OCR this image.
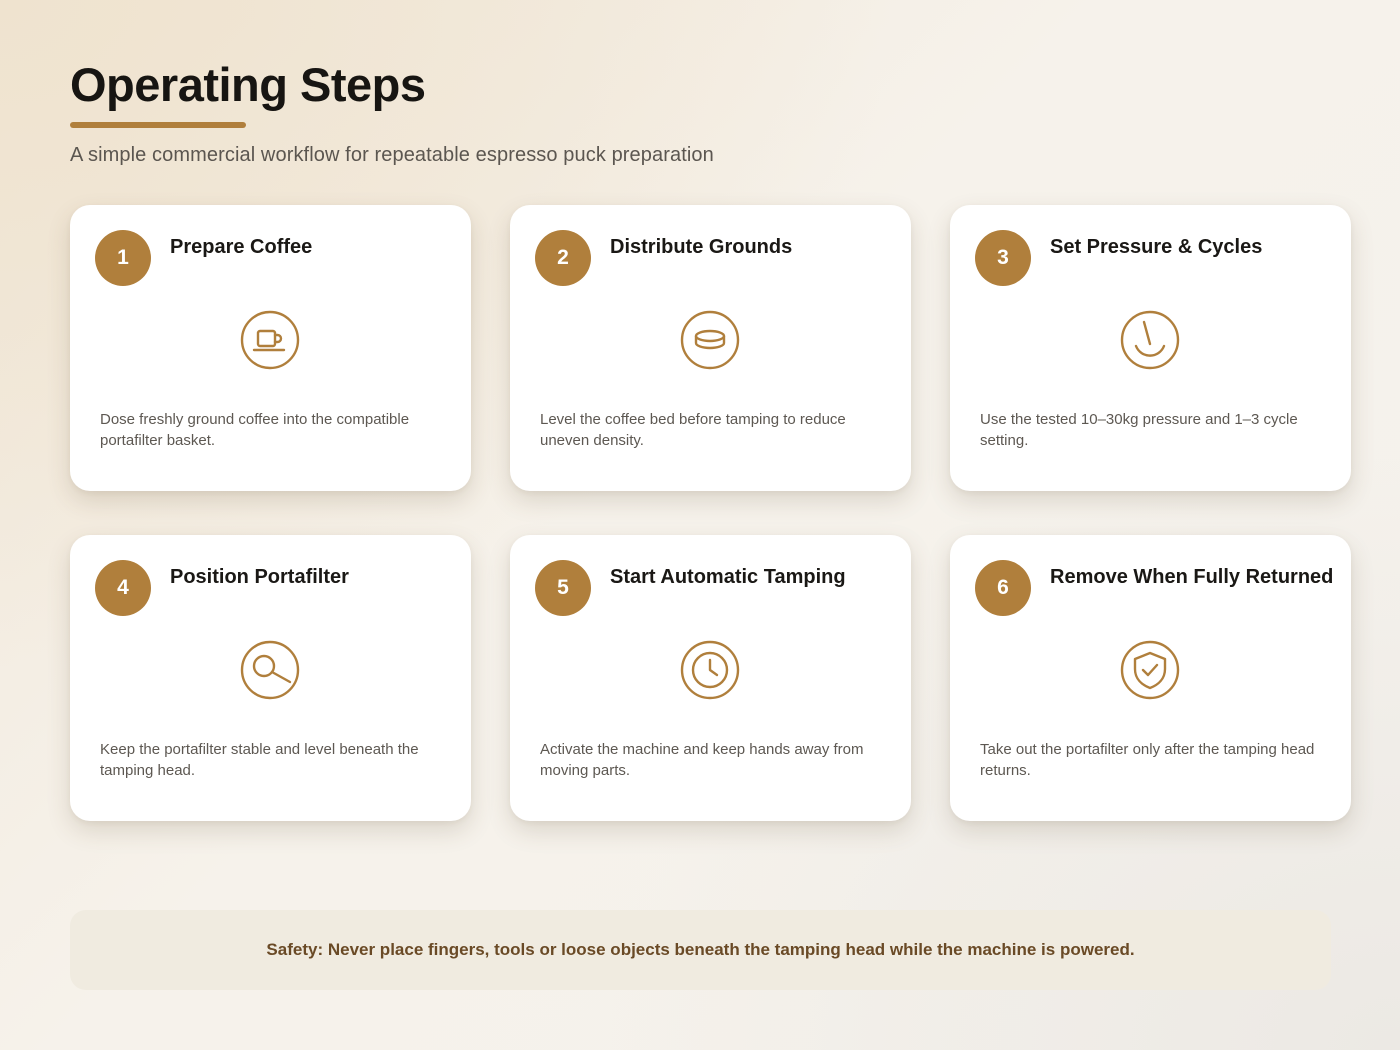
Operating Steps
A simple commercial workflow for repeatable espresso puck preparation
1	Prepare Coffee
Dose freshly ground coffee into the compatible portafilter basket.
2	Distribute Grounds
Level the coffee bed before tamping to reduce uneven density.
3	Set Pressure & Cycles
Use the tested 10–30kg pressure and 1–3 cycle setting.
4	Position Portafilter
Keep the portafilter stable and level beneath the tamping head.
5	Start Automatic Tamping
Activate the machine and keep hands away from moving parts.
6	Remove When Fully Returned
Take out the portafilter only after the tamping head returns.
Safety: Never place fingers, tools or loose objects beneath the tamping head while the machine is powered.
